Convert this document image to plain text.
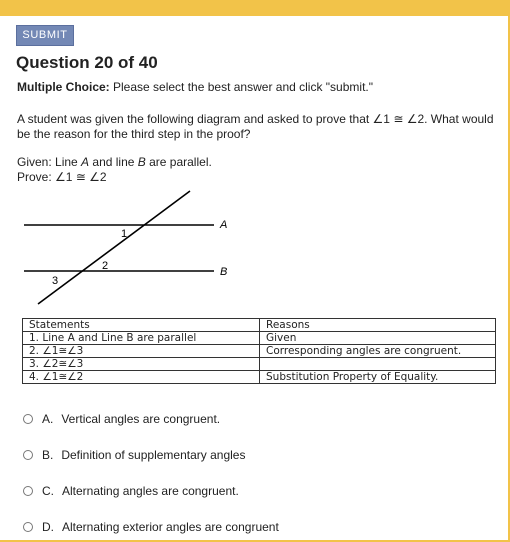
SUBMIT
Question 20 of 40
Multiple Choice: Please select the best answer and click "submit."
A student was given the following diagram and asked to prove that ∠1 ≅ ∠2. What would be the reason for the third step in the proof?
Given: Line A and line B are parallel.
Prove: ∠1 ≅ ∠2
A
B
1
2
3
Statements	Reasons
1. Line A and Line B are parallel	Given
2. ∠1≅∠3	Corresponding angles are congruent.
3. ∠2≅∠3	
4. ∠1≅∠2	Substitution Property of Equality.
A. Vertical angles are congruent.
B. Definition of supplementary angles
C. Alternating angles are congruent.
D. Alternating exterior angles are congruent
